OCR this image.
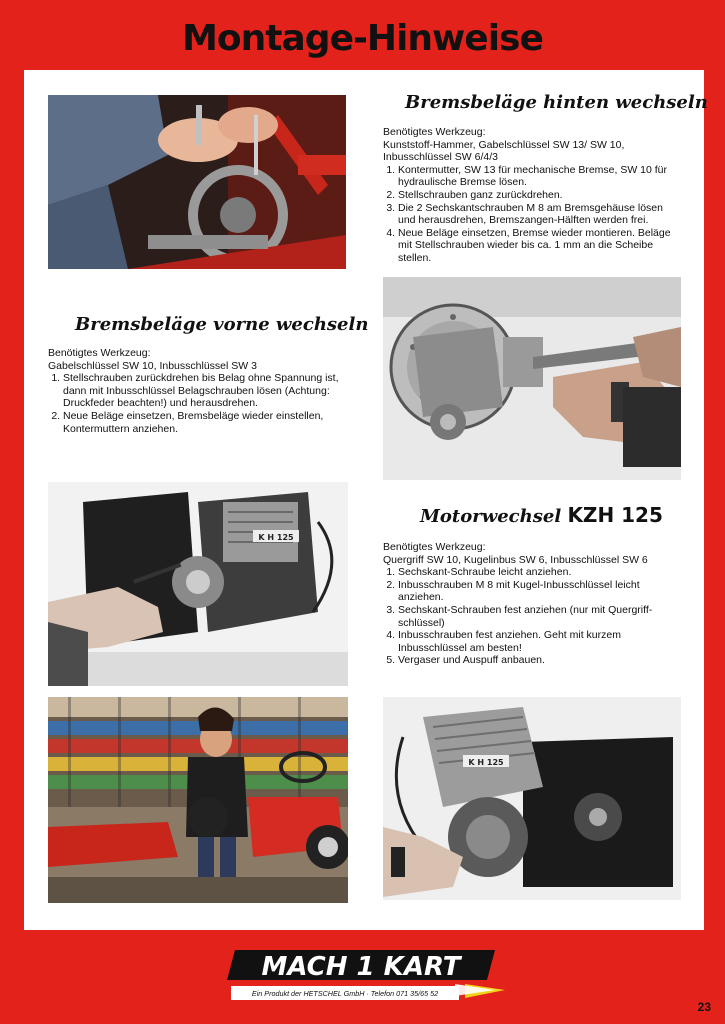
Montage-Hinweise
K H 125
K H 125
Bremsbeläge hinten wechseln

Benötigtes Werkzeug:

Kunststoff-Hammer, Gabelschlüssel SW 13/ SW 10, Inbusschlüssel SW 6/4/3

1. Kontermutter, SW 13 für mechanische Bremse, SW 10 für hydraulische Bremse lösen.
2. Stellschrauben ganz zurückdrehen.
3. Die 2 Sechskantschrauben M 8 am Bremsgehäuse lösen und herausdrehen, Bremszangen-Hälften werden frei.
4. Neue Beläge einsetzen, Bremse wieder montieren. Beläge mit Stellschrauben wieder bis ca. 1 mm an die Scheibe stellen.
Bremsbeläge vorne wechseln

Benötigtes Werkzeug:

Gabelschlüssel SW 10, Inbusschlüssel SW 3

1. Stellschrauben zurückdrehen bis Belag ohne Spannung ist, dann mit Inbusschlüssel Belagschrauben lösen (Achtung: Druckfeder beachten!) und herausdrehen.
2. Neue Beläge einsetzen, Bremsbeläge wieder einstellen, Kontermuttern anziehen.
Motorwechsel KZH 125

Benötigtes Werkzeug:

Quergriff SW 10, Kugelinbus SW 6, Inbusschlüssel SW 6

1. Sechskant-Schraube leicht anziehen.
2. Inbusschrauben M 8 mit Kugel-Inbusschlüssel leicht anziehen.
3. Sechskant-Schrauben fest anziehen (nur mit Quergriff-schlüssel)
4. Inbusschrauben fest anziehen. Geht mit kurzem Inbusschlüssel am besten!
5. Vergaser und Auspuff anbauen.
MACH 1 KART
Ein Produkt der HETSCHEL GmbH · Telefon 071 35/65 52
23
